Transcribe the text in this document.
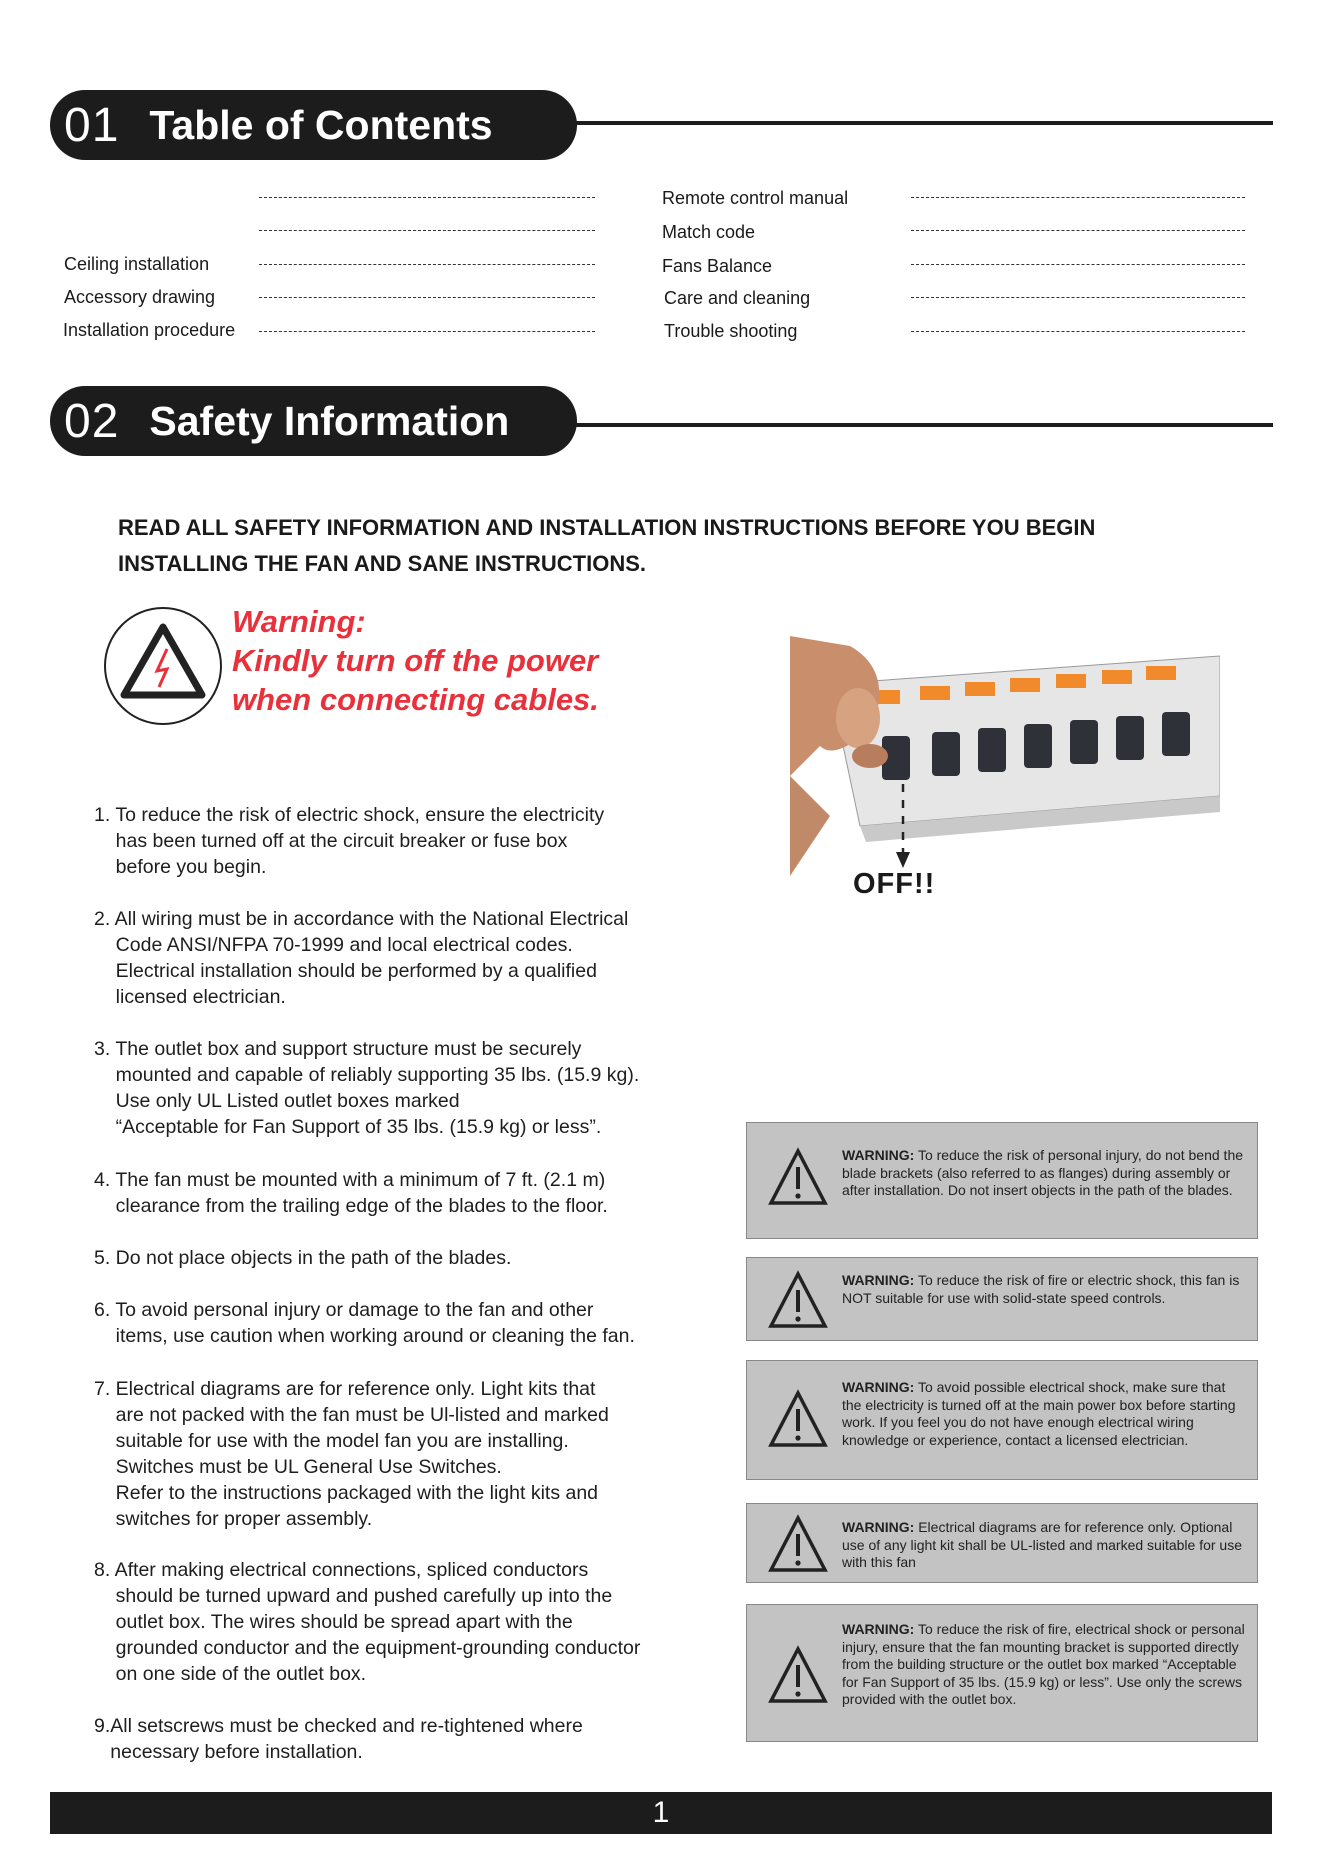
01 Table of Contents
Ceiling installation
Accessory drawing
Installation procedure
Remote control manual
Match code
Fans Balance
Care and cleaning
Trouble shooting
02 Safety Information
READ ALL SAFETY INFORMATION AND INSTALLATION INSTRUCTIONS BEFORE YOU BEGIN INSTALLING THE FAN AND SANE INSTRUCTIONS.
Warning:
Kindly turn off the power
when connecting cables.
1. To reduce the risk of electric shock, ensure the electricity
has been turned off at the circuit breaker or fuse box
before you begin.
2. All wiring must be in accordance with the National Electrical
Code ANSI/NFPA 70-1999 and local electrical codes.
Electrical installation should be performed by a qualified
licensed electrician.
3. The outlet box and support structure must be securely
mounted and capable of reliably supporting 35 lbs. (15.9 kg).
Use only UL Listed outlet boxes marked
“Acceptable for Fan Support of 35 lbs. (15.9 kg) or less”.
4. The fan must be mounted with a minimum of 7 ft. (2.1 m)
clearance from the trailing edge of the blades to the floor.
5. Do not place objects in the path of the blades.
6. To avoid personal injury or damage to the fan and other
items, use caution when working around or cleaning the fan.
7. Electrical diagrams are for reference only. Light kits that
are not packed with the fan must be Ul-listed and marked
suitable for use with the model fan you are installing.
Switches must be UL General Use Switches.
Refer to the instructions packaged with the light kits and
switches for proper assembly.
8. After making electrical connections, spliced conductors
should be turned upward and pushed carefully up into the
outlet box. The wires should be spread apart with the
grounded conductor and the equipment-grounding conductor
on one side of the outlet box.
9.All setscrews must be checked and re-tightened where
necessary before installation.
OFF!!
WARNING: To reduce the risk of personal injury, do not bend the blade brackets (also referred to as flanges) during assembly or after installation. Do not insert objects in the path of the blades.
WARNING: To reduce the risk of fire or electric shock, this fan is NOT suitable for use with solid-state speed controls.
WARNING: To avoid possible electrical shock, make sure that the electricity is turned off at the main power box before starting work. If you feel you do not have enough electrical wiring knowledge or experience, contact a licensed electrician.
WARNING: Electrical diagrams are for reference only. Optional use of any light kit shall be UL-listed and marked suitable for use with this fan
WARNING: To reduce the risk of fire, electrical shock or personal injury, ensure that the fan mounting bracket is supported directly from the building structure or the outlet box marked “Acceptable for Fan Support of 35 lbs. (15.9 kg) or less”. Use only the screws provided with the outlet box.
1
